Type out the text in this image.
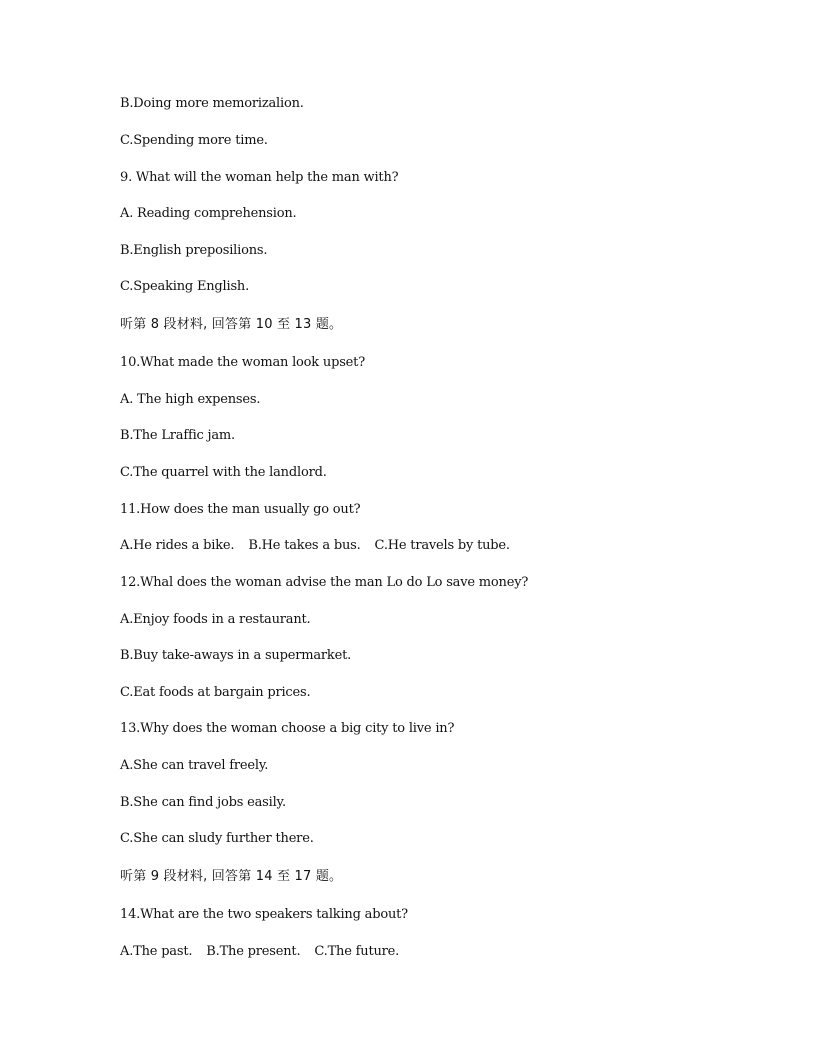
B.Doing more memorizalion.
C.Spending more time.
9. What will the woman help the man with?
A. Reading comprehension.
B.English preposilions.
C.Speaking English.
听第 8 段材料, 回答第 10 至 13 题。
10.What made the woman look upset?
A. The high expenses.
B.The Lraffic jam.
C.The quarrel with the landlord.
11.How does the man usually go out?
A.He rides a bike. B.He takes a bus. C.He travels by tube.
12.Whal does the woman advise the man Lo do Lo save money?
A.Enjoy foods in a restaurant.
B.Buy take-aways in a supermarket.
C.Eat foods at bargain prices.
13.Why does the woman choose a big city to live in?
A.She can travel freely.
B.She can find jobs easily.
C.She can sludy further there.
听第 9 段材料, 回答第 14 至 17 题。
14.What are the two speakers talking about?
A.The past. B.The present. C.The future.
